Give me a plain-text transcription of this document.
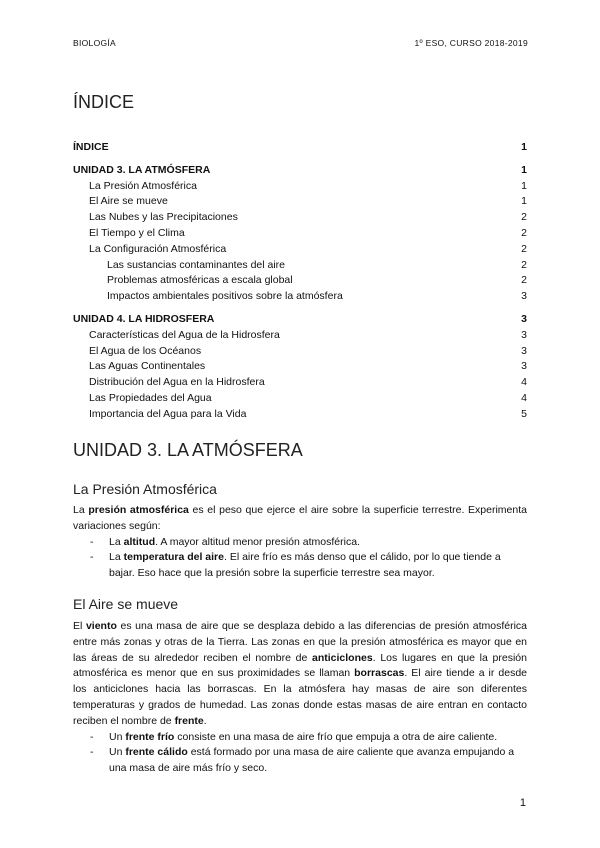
BIOLOGÍA	1º ESO, CURSO 2018-2019
ÍNDICE
ÍNDICE	1
UNIDAD 3. LA ATMÓSFERA	1
La Presión Atmosférica	1
El Aire se mueve	1
Las Nubes y las Precipitaciones	2
El Tiempo y el Clima	2
La Configuración Atmosférica	2
Las sustancias contaminantes del aire	2
Problemas atmosféricas a escala global	2
Impactos ambientales positivos sobre la atmósfera	3
UNIDAD 4. LA HIDROSFERA	3
Características del Agua de la Hidrosfera	3
El Agua de los Océanos	3
Las Aguas Continentales	3
Distribución del Agua en la Hidrosfera	4
Las Propiedades del Agua	4
Importancia del Agua para la Vida	5
UNIDAD 3. LA ATMÓSFERA
La Presión Atmosférica
La presión atmosférica es el peso que ejerce el aire sobre la superficie terrestre. Experimenta variaciones según:
- La altitud. A mayor altitud menor presión atmosférica.
- La temperatura del aire. El aire frío es más denso que el cálido, por lo que tiende a bajar. Eso hace que la presión sobre la superficie terrestre sea mayor.
El Aire se mueve
El viento es una masa de aire que se desplaza debido a las diferencias de presión atmosférica entre más zonas y otras de la Tierra. Las zonas en que la presión atmosférica es mayor que en las áreas de su alrededor reciben el nombre de anticiclones. Los lugares en que la presión atmosférica es menor que en sus proximidades se llaman borrascas. El aire tiende a ir desde los anticiclones hacia las borrascas. En la atmósfera hay masas de aire son diferentes temperaturas y grados de humedad. Las zonas donde estas masas de aire entran en contacto reciben el nombre de frente.
- Un frente frío consiste en una masa de aire frío que empuja a otra de aire caliente.
- Un frente cálido está formado por una masa de aire caliente que avanza empujando a una masa de aire más frío y seco.
1
